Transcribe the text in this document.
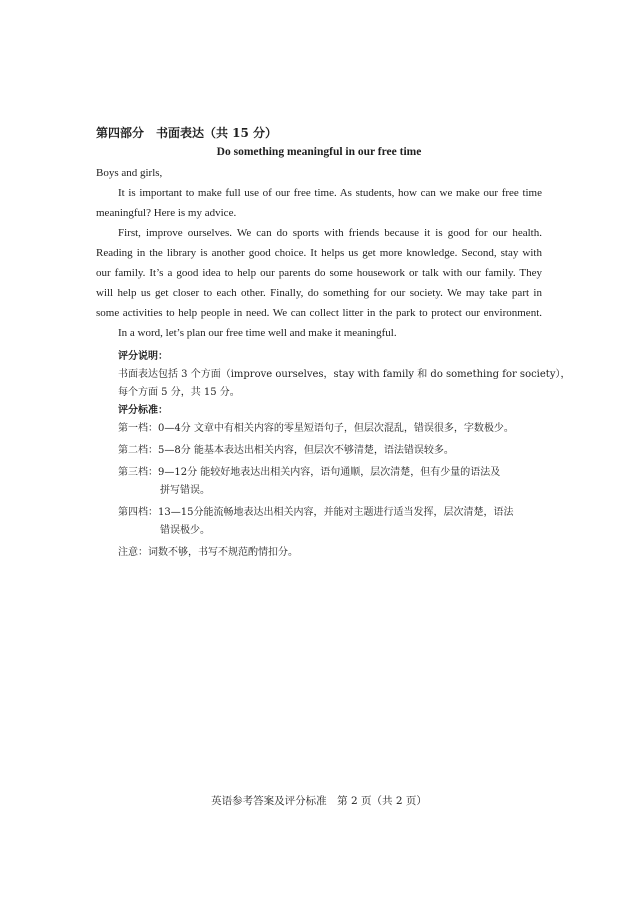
第四部分　书面表达（共 15 分）
Do something meaningful in our free time
Boys and girls,
It is important to make full use of our free time. As students, how can we make our free time
meaningful? Here is my advice.
First, improve ourselves. We can do sports with friends because it is good for our health.
Reading in the library is another good choice. It helps us get more knowledge. Second, stay with
our family. It’s a good idea to help our parents do some housework or talk with our family. They
will help us get closer to each other. Finally, do something for our society. We may take part in
some activities to help people in need. We can collect litter in the park to protect our environment.
In a word, let’s plan our free time well and make it meaningful.
评分说明：
书面表达包括 3 个方面（improve ourselves，stay with family 和 do something for society），
每个方面 5 分，共 15 分。
评分标准：
第一档：0—4分 文章中有相关内容的零星短语句子，但层次混乱，错误很多，字数极少。
第二档：5—8分 能基本表达出相关内容，但层次不够清楚，语法错误较多。
第三档：9—12分 能较好地表达出相关内容，语句通顺，层次清楚，但有少量的语法及
拼写错误。
第四档：13—15分能流畅地表达出相关内容，并能对主题进行适当发挥，层次清楚，语法
错误极少。
注意：词数不够，书写不规范酌情扣分。
英语参考答案及评分标准　第 2 页（共 2 页）
